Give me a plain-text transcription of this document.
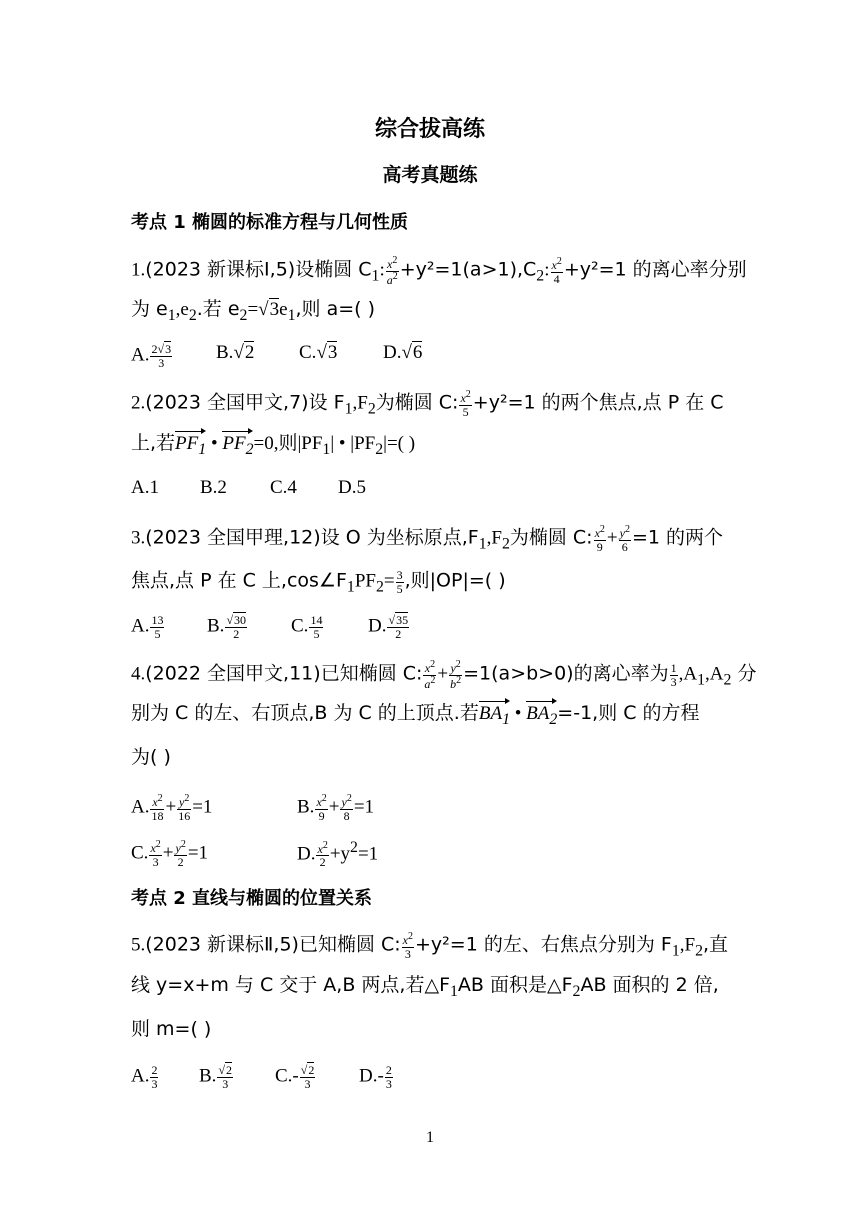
综合拔高练
高考真题练
考点 1 椭圆的标准方程与几何性质
1.(2023 新课标Ⅰ,5)设椭圆 $C_1$: $\frac{x^2}{a^2} +y^2=1(a>1),C_2$: $\frac{x^2}{4} +y^2=1$ 的离心率分别
为 $e_1,e_2$.若 $e_2=√3e_1$,则 a=( )
A. $\frac{2√3}{3} B.√2$ C.√3 D.√6
2.(2023 全国甲文,7)设 $F_1,F_2$为椭圆 C: $\frac{x^2}{5} +y^2=1$ 的两个焦点,点 P 在 C
上,若$PF_1$ • $PF_2=0$,则$|PF_1|$ • $|PF_2|=$( )
A.1 B.2 C.4 D.5
3.(2023 全国甲理,12)设 O 为坐标原点$,F_1,F_2$为椭圆 C: $\frac{x^2}{9} + \frac{y^2}{6} =1$ 的两个
焦点,点 P 在 C 上$,\cos\angle F_1PF_2= \frac{3}{5}$ ,则|OP|=( )
A. $\frac{13}{5} B$. $\frac{√30}{2} C$. $\frac{14}{5} D$. $\frac{√35}{2}$
4.(2022 全国甲文,11)已知椭圆 C: $\frac{x^2}{a^2} + \frac{y^2}{b^2} =1(a>b>0)$的离心率为 $\frac{1}{3} ,A_1,A_2$ 分
别为 C 的左、右顶点,B 为 C 的上顶点.若$BA_1$ • $BA_2=-1$,则 C 的方程
为( )
A. $\frac{x^2}{18} + \frac{y^2}{16} =1$	B. $\frac{x^2}{9} + \frac{y^2}{8} =1$
C. $\frac{x^2}{3} + \frac{y^2}{2} =1$	D. $\frac{x^2}{2} +y^2=1$
考点 2 直线与椭圆的位置关系
5.(2023 新课标Ⅱ,5)已知椭圆 C: $\frac{x^2}{3} +y^2=1$ 的左、右焦点分别为 $F_1,F_2$,直
线 y=x+m 与 C 交于 A,B 两点,若$\triangle F_1AB$ 面积是$\triangle F_2AB$ 面积的 2 倍,
则 m=( )
A. $\frac{2}{3} B$. $\frac{√2}{3} C.- \frac{√2}{3} D.- \frac{2}{3}$
1
